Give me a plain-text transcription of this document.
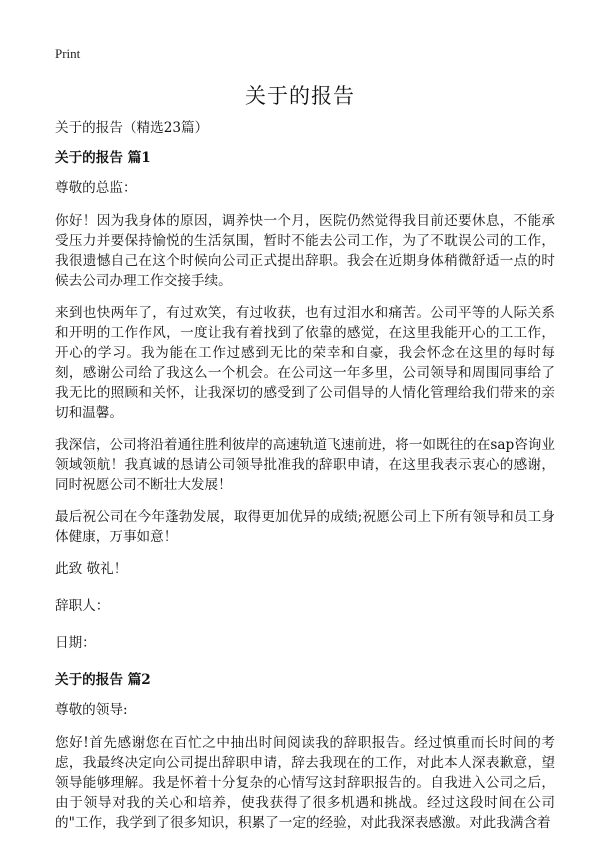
Print
关于的报告

关于的报告（精选23篇）

关于的报告 篇1

尊敬的总监：

你好！因为我身体的原因，调养快一个月，医院仍然觉得我目前还要休息，不能承受压力并要保持愉悦的生活氛围，暂时不能去公司工作，为了不耽误公司的工作，我很遗憾自己在这个时候向公司正式提出辞职。我会在近期身体稍微舒适一点的时候去公司办理工作交接手续。

来到也快两年了，有过欢笑，有过收获，也有过泪水和痛苦。公司平等的人际关系和开明的工作作风，一度让我有着找到了依靠的感觉，在这里我能开心的工工作，开心的学习。我为能在工作过感到无比的荣幸和自豪，我会怀念在这里的每时每刻，感谢公司给了我这么一个机会。在公司这一年多里，公司领导和周围同事给了我无比的照顾和关怀，让我深切的感受到了公司倡导的人情化管理给我们带来的亲切和温馨。

我深信，公司将沿着通往胜利彼岸的高速轨道飞速前进，将一如既往的在sap咨询业领域领航！我真诚的恳请公司领导批准我的辞职申请，在这里我表示衷心的感谢，同时祝愿公司不断壮大发展！

最后祝公司在今年蓬勃发展，取得更加优异的成绩;祝愿公司上下所有领导和员工身体健康，万事如意！

此致 敬礼！

辞职人：

日期：

关于的报告 篇2

尊敬的领导:

您好!首先感谢您在百忙之中抽出时间阅读我的辞职报告。经过慎重而长时间的考虑，我最终决定向公司提出辞职申请，辞去我现在的工作，对此本人深表歉意，望领导能够理解。我是怀着十分复杂的心情写这封辞职报告的。自我进入公司之后，由于领导对我的关心和培养，使我获得了很多机遇和挑战。经过这段时间在公司的"工作，我学到了很多知识，积累了一定的经验，对此我深表感激。对此我满含着
